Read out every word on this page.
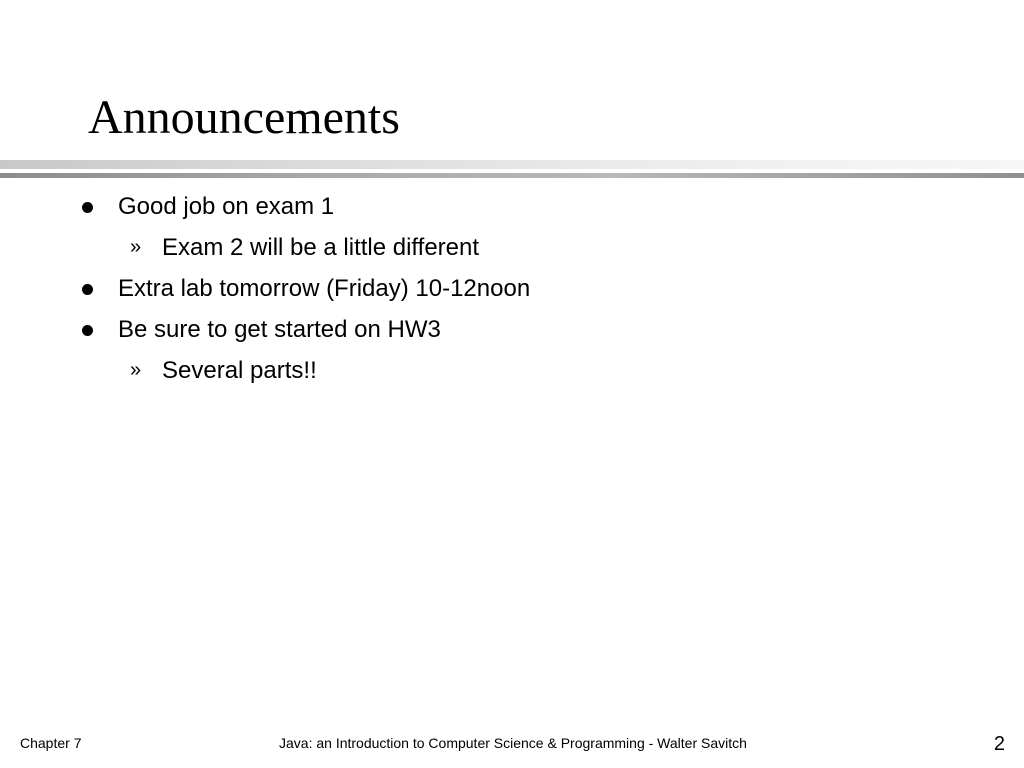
Announcements
Good job on exam 1
» Exam 2 will be a little different
Extra lab tomorrow (Friday) 10-12noon
Be sure to get started on HW3
» Several parts!!
Chapter 7	Java: an Introduction to Computer Science & Programming - Walter Savitch	2
